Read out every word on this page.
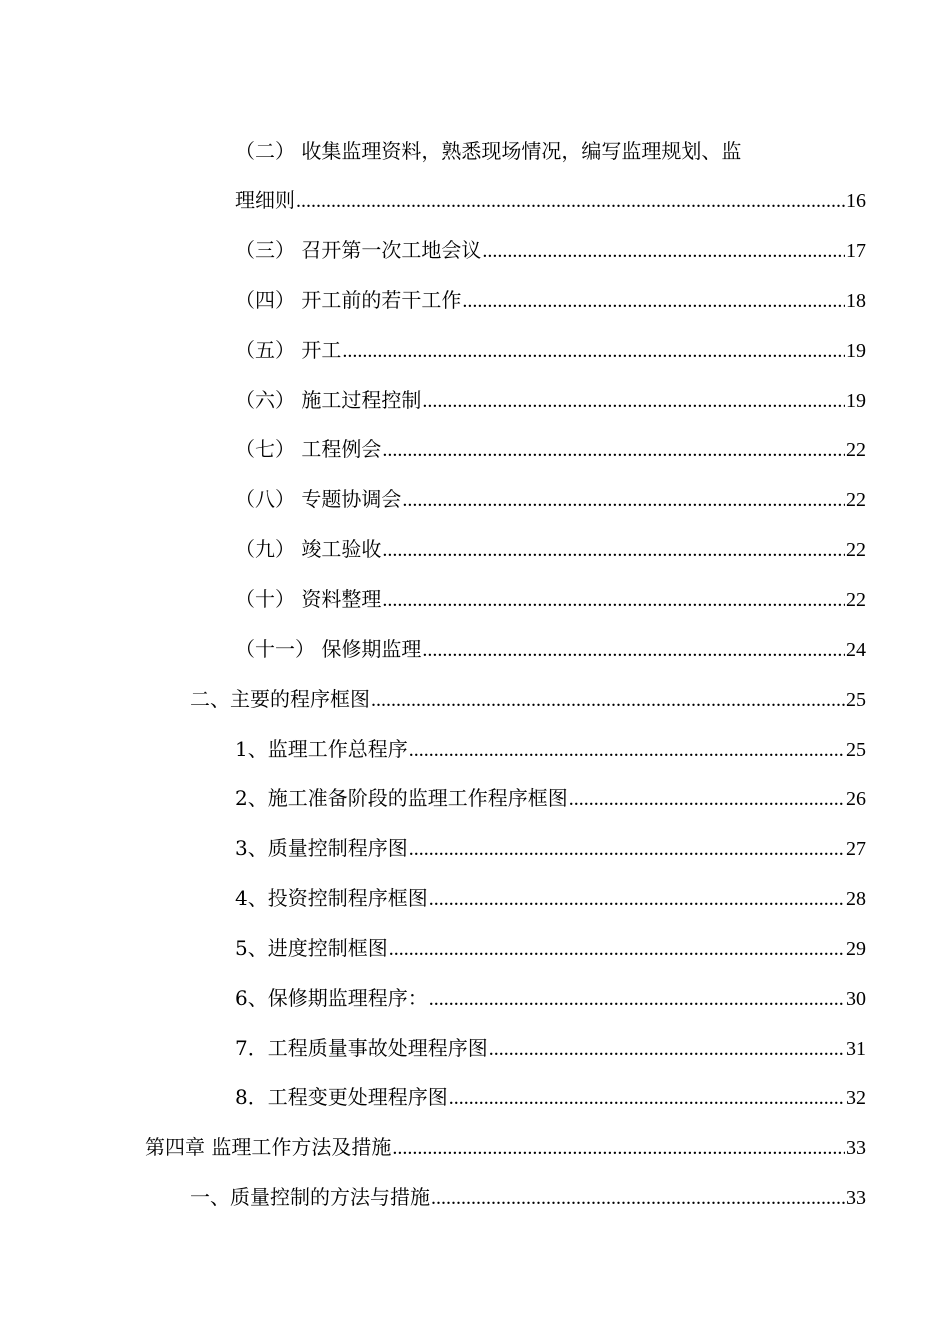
（二） 收集监理资料，熟悉现场情况，编写监理规划、监
理细则 .....	16
（三） 召开第一次工地会议 .....	17
（四） 开工前的若干工作 .....	18
（五） 开工 .....	19
（六） 施工过程控制 .....	19
（七） 工程例会 .....	22
（八） 专题协调会 .....	22
（九） 竣工验收 .....	22
（十） 资料整理 .....	22
（十一） 保修期监理 .....	24
二、主要的程序框图 .....	25
1、监理工作总程序 .....	25
2、施工准备阶段的监理工作程序框图 .....	26
3、质量控制程序图 .....	27
4、投资控制程序框图 .....	28
5、进度控制框图 .....	29
6、保修期监理程序： .....	30
7．工程质量事故处理程序图 .....	31
8．工程变更处理程序图 .....	32
第四章 监理工作方法及措施 .....	33
一、质量控制的方法与措施 .....	33
